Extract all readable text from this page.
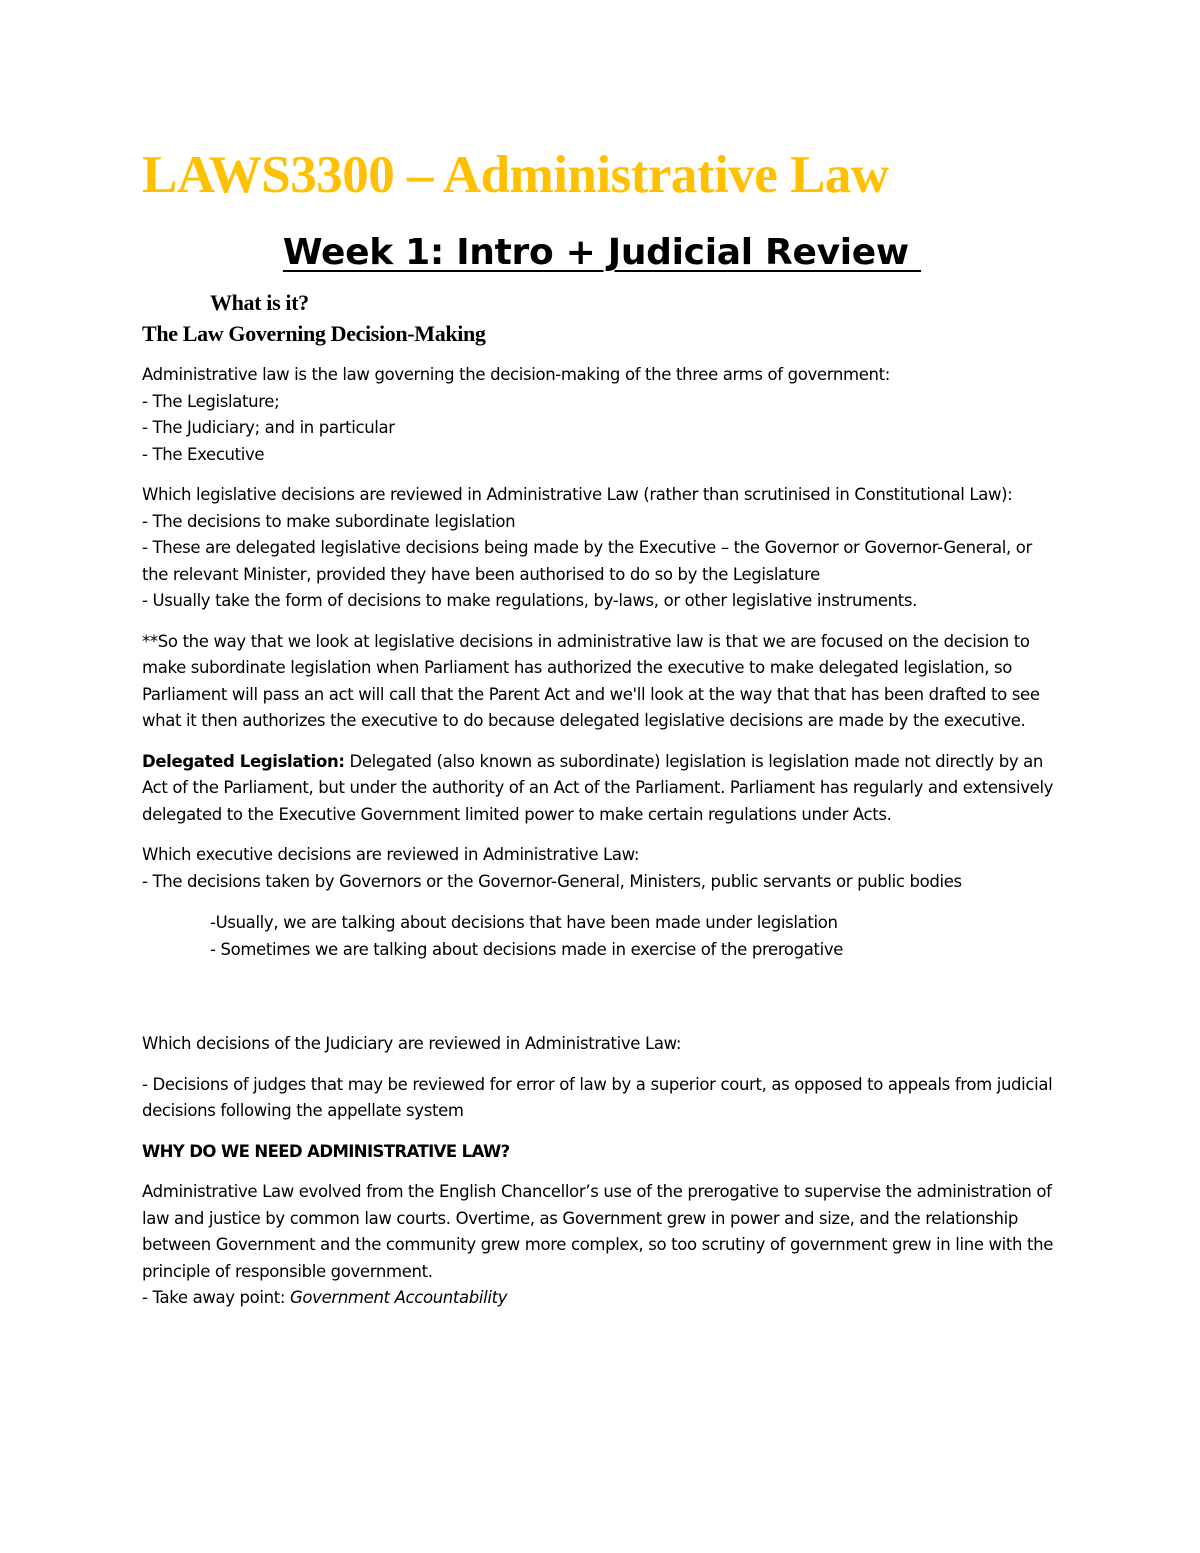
LAWS3300 – Administrative Law
Week 1: Intro + Judicial Review
What is it?
The Law Governing Decision-Making

Administrative law is the law governing the decision-making of the three arms of government:

- The Legislature;

- The Judiciary; and in particular

- The Executive

Which legislative decisions are reviewed in Administrative Law (rather than scrutinised in Constitutional Law):

- The decisions to make subordinate legislation

- These are delegated legislative decisions being made by the Executive – the Governor or Governor-General, or the relevant Minister, provided they have been authorised to do so by the Legislature

- Usually take the form of decisions to make regulations, by-laws, or other legislative instruments.

**So the way that we look at legislative decisions in administrative law is that we are focused on the decision to make subordinate legislation when Parliament has authorized the executive to make delegated legislation, so Parliament will pass an act will call that the Parent Act and we'll look at the way that that has been drafted to see what it then authorizes the executive to do because delegated legislative decisions are made by the executive.

Delegated Legislation: Delegated (also known as subordinate) legislation is legislation made not directly by an Act of the Parliament, but under the authority of an Act of the Parliament. Parliament has regularly and extensively delegated to the Executive Government limited power to make certain regulations under Acts.

Which executive decisions are reviewed in Administrative Law:

- The decisions taken by Governors or the Governor-General, Ministers, public servants or public bodies

-Usually, we are talking about decisions that have been made under legislation

- Sometimes we are talking about decisions made in exercise of the prerogative

Which decisions of the Judiciary are reviewed in Administrative Law:

- Decisions of judges that may be reviewed for error of law by a superior court, as opposed to appeals from judicial decisions following the appellate system

WHY DO WE NEED ADMINISTRATIVE LAW?

Administrative Law evolved from the English Chancellor’s use of the prerogative to supervise the administration of law and justice by common law courts. Overtime, as Government grew in power and size, and the relationship between Government and the community grew more complex, so too scrutiny of government grew in line with the principle of responsible government.

- Take away point: Government Accountability
